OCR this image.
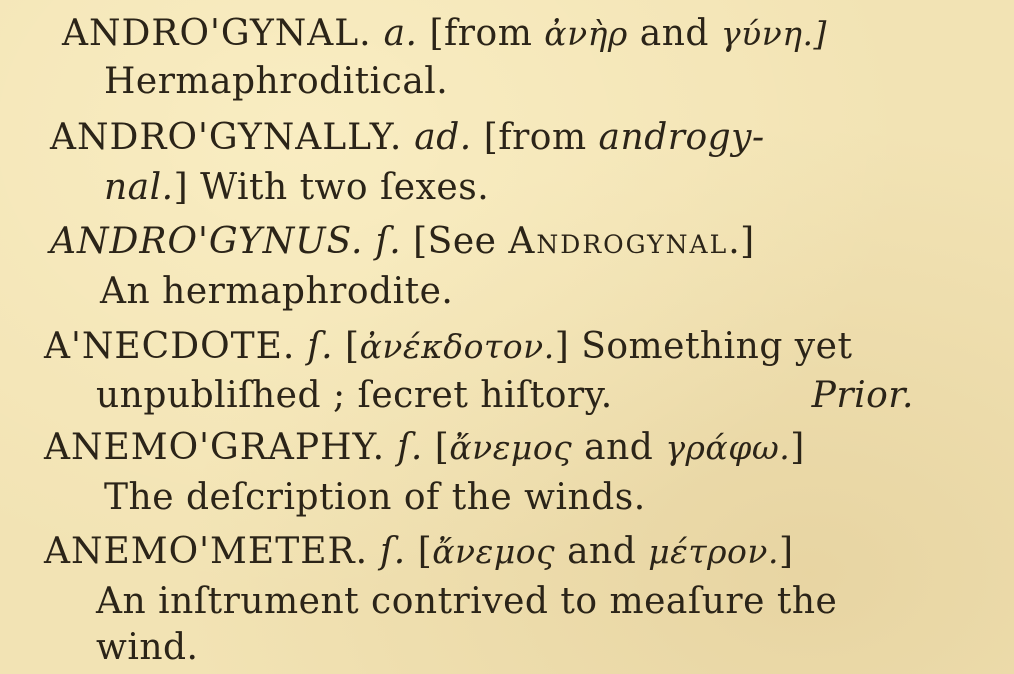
ANDRO'GYNAL. a. [from ἀνὴρ and γύνη.]
Hermaphroditical.
ANDRO'GYNALLY. ad. [from androgy-
nal.] With two ſexes.
ANDRO'GYNUS. ſ. [See Androgynal.]
An hermaphrodite.
A'NECDOTE. ſ. [ἀνέκδοτον.] Something yet
unpubliſhed ; ſecret hiſtory.	Prior.
ANEMO'GRAPHY. ſ. [ἄνεμος and γράφω.]
The deſcription of the winds.
ANEMO'METER. ſ. [ἄνεμος and μέτρον.]
An inſtrument contrived to meaſure the
wind.
